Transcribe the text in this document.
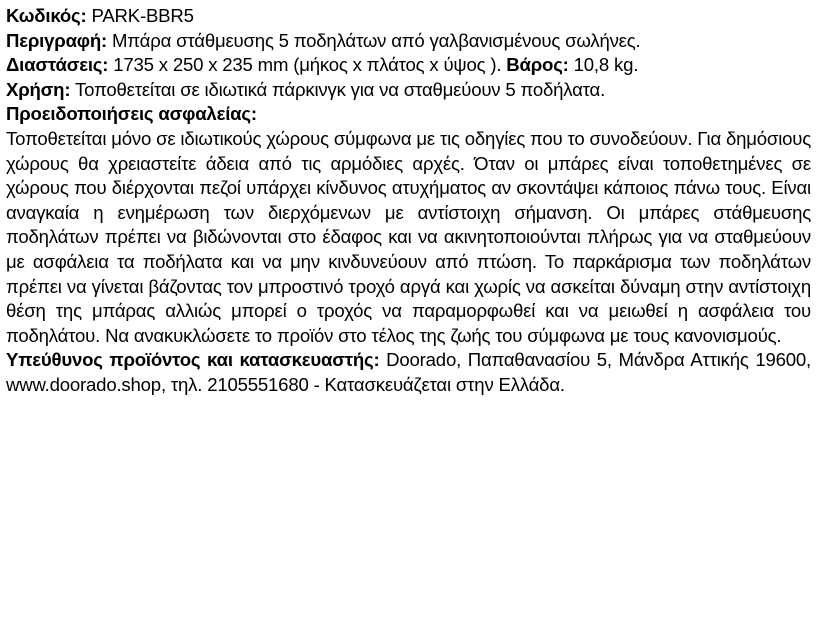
Κωδικός: PARK-BBR5
Περιγραφή: Μπάρα στάθμευσης 5 ποδηλάτων από γαλβανισμένους σωλήνες.
Διαστάσεις: 1735 x 250 x 235 mm (μήκος x πλάτος x ύψος ). Βάρος: 10,8 kg.
Χρήση: Τοποθετείται σε ιδιωτικά πάρκινγκ για να σταθμεύουν 5 ποδήλατα.
Προειδοποιήσεις ασφαλείας:
Τοποθετείται μόνο σε ιδιωτικούς χώρους σύμφωνα με τις οδηγίες που το συνοδεύουν. Για δημόσιους χώρους θα χρειαστείτε άδεια από τις αρμόδιες αρχές. Όταν οι μπάρες είναι τοποθετημένες σε χώρους που διέρχονται πεζοί υπάρχει κίνδυνος ατυχήματος αν σκοντάψει κάποιος πάνω τους. Είναι αναγκαία η ενημέρωση των διερχόμενων με αντίστοιχη σήμανση. Οι μπάρες στάθμευσης ποδηλάτων πρέπει να βιδώνονται στο έδαφος και να ακινητοποιούνται πλήρως για να σταθμεύουν με ασφάλεια τα ποδήλατα και να μην κινδυνεύουν από πτώση. Το παρκάρισμα των ποδηλάτων πρέπει να γίνεται βάζοντας τον μπροστινό τροχό αργά και χωρίς να ασκείται δύναμη στην αντίστοιχη θέση της μπάρας αλλιώς μπορεί ο τροχός να παραμορφωθεί και να μειωθεί η ασφάλεια του ποδηλάτου. Να ανακυκλώσετε το προϊόν στο τέλος της ζωής του σύμφωνα με τους κανονισμούς.
Υπεύθυνος προϊόντος και κατασκευαστής: Doorado, Παπαθανασίου 5, Μάνδρα Αττικής 19600, www.doorado.shop, τηλ. 2105551680 - Κατασκευάζεται στην Ελλάδα.
